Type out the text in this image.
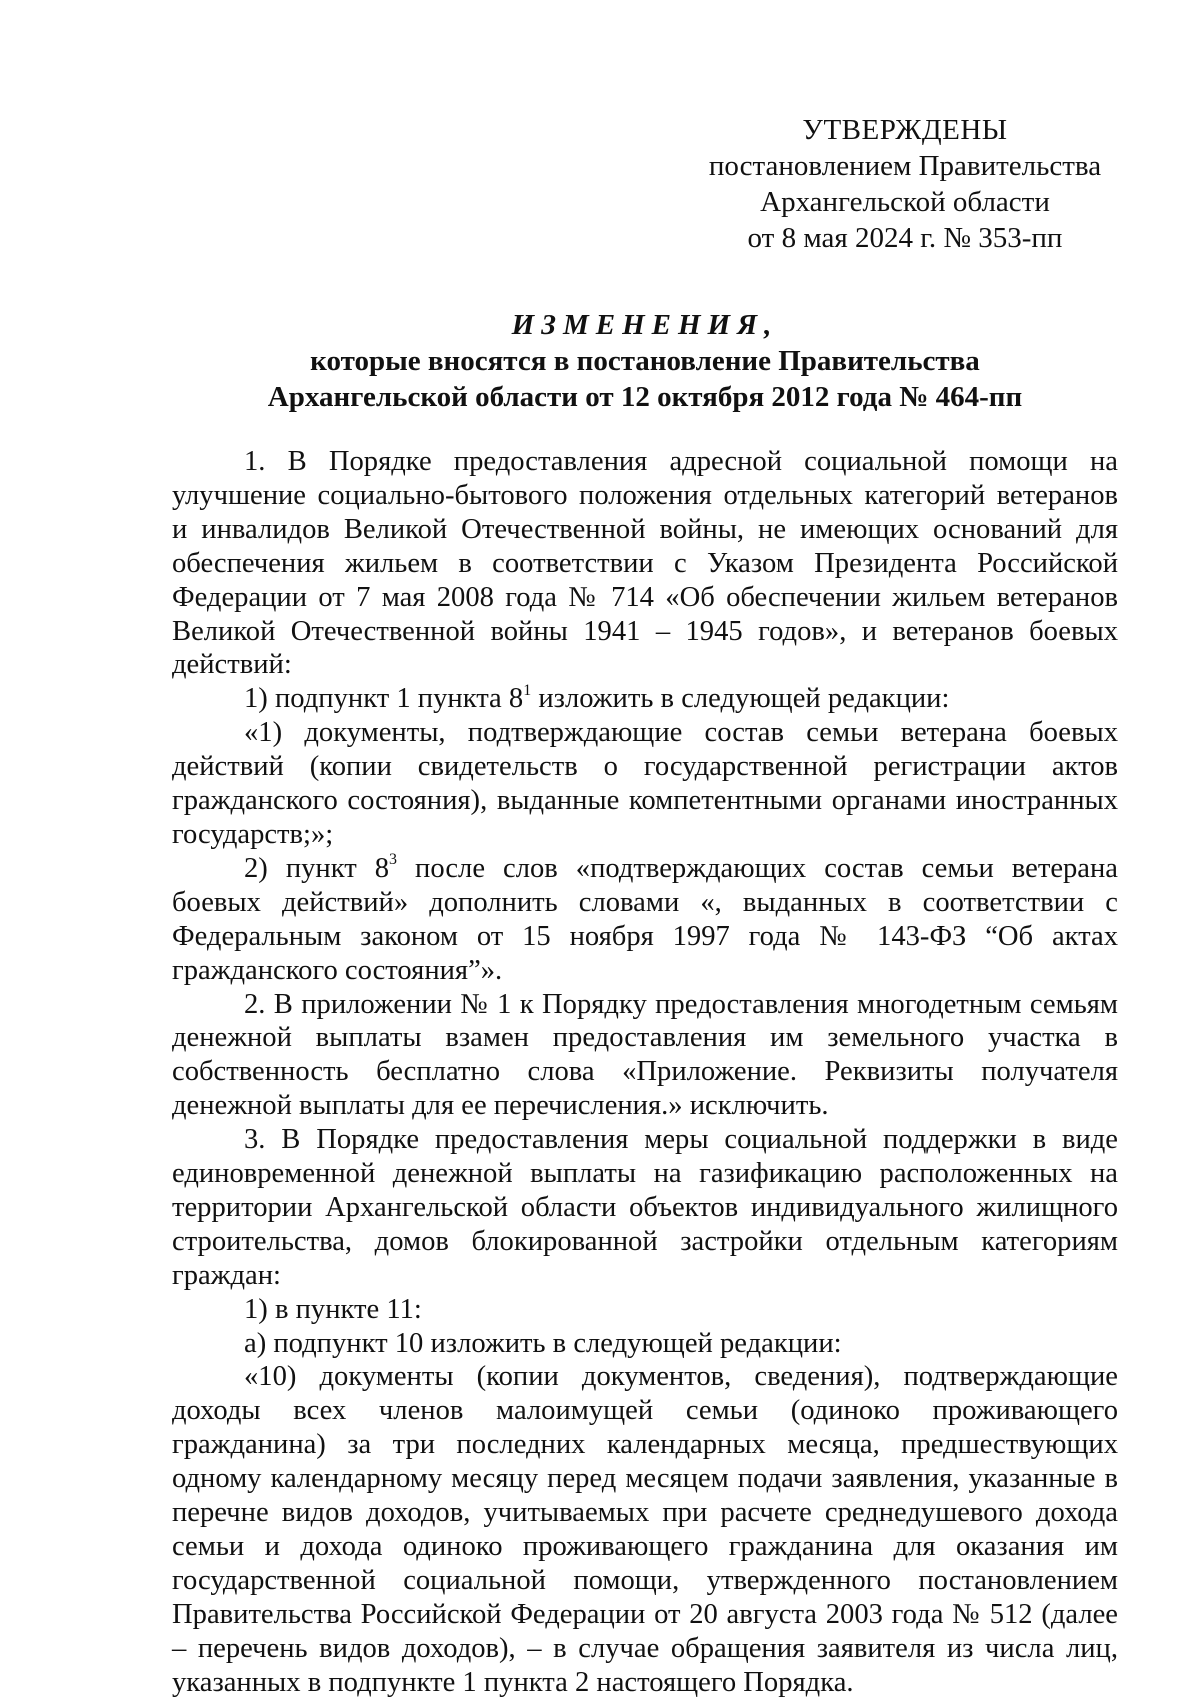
УТВЕРЖДЕНЫ
постановлением Правительства
Архангельской области
от 8 мая 2024 г. № 353-пп
ИЗМЕНЕНИЯ,
которые вносятся в постановление Правительства
Архангельской области от 12 октября 2012 года № 464-пп

1. В Порядке предоставления адресной социальной помощи на улучшение социально-бытового положения отдельных категорий ветеранов и инвалидов Великой Отечественной войны, не имеющих оснований для обеспечения жильем в соответствии с Указом Президента Российской Федерации от 7 мая 2008 года № 714 «Об обеспечении жильем ветеранов Великой Отечественной войны 1941 – 1945 годов», и ветеранов боевых действий:

1) подпункт 1 пункта $8^1$ изложить в следующей редакции:

«1) документы, подтверждающие состав семьи ветерана боевых действий (копии свидетельств о государственной регистрации актов гражданского состояния), выданные компетентными органами иностранных государств;»;

2) пункт $8^3$ после слов «подтверждающих состав семьи ветерана боевых действий» дополнить словами «, выданных в соответствии с Федеральным законом от 15 ноября 1997 года № 143-ФЗ “Об актах гражданского состояния”».

2. В приложении № 1 к Порядку предоставления многодетным семьям денежной выплаты взамен предоставления им земельного участка в собственность бесплатно слова «Приложение. Реквизиты получателя денежной выплаты для ее перечисления.» исключить.

3. В Порядке предоставления меры социальной поддержки в виде единовременной денежной выплаты на газификацию расположенных на территории Архангельской области объектов индивидуального жилищного строительства, домов блокированной застройки отдельным категориям граждан:

1) в пункте 11:

а) подпункт 10 изложить в следующей редакции:

«10) документы (копии документов, сведения), подтверждающие доходы всех членов малоимущей семьи (одиноко проживающего гражданина) за три последних календарных месяца, предшествующих одному календарному месяцу перед месяцем подачи заявления, указанные в перечне видов доходов, учитываемых при расчете среднедушевого дохода семьи и дохода одиноко проживающего гражданина для оказания им государственной социальной помощи, утвержденного постановлением Правительства Российской Федерации от 20 августа 2003 года № 512 (далее – перечень видов доходов), – в случае обращения заявителя из числа лиц, указанных в подпункте 1 пункта 2 настоящего Порядка.
